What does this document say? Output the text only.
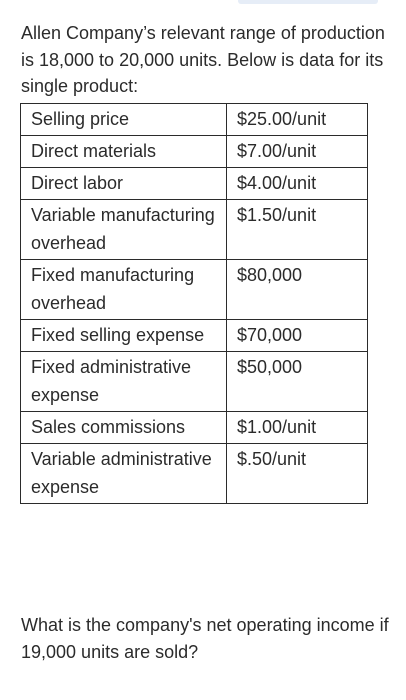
Allen Company’s relevant range of production is 18,000 to 20,000 units. Below is data for its single product:

Selling price	$25.00/unit
Direct materials	$7.00/unit
Direct labor	$4.00/unit
Variable manufacturing overhead	$1.50/unit
Fixed manufacturing overhead	$80,000
Fixed selling expense	$70,000
Fixed administrative expense	$50,000
Sales commissions	$1.00/unit
Variable administrative expense	$.50/unit

What is the company's net operating income if 19,000 units are sold?
